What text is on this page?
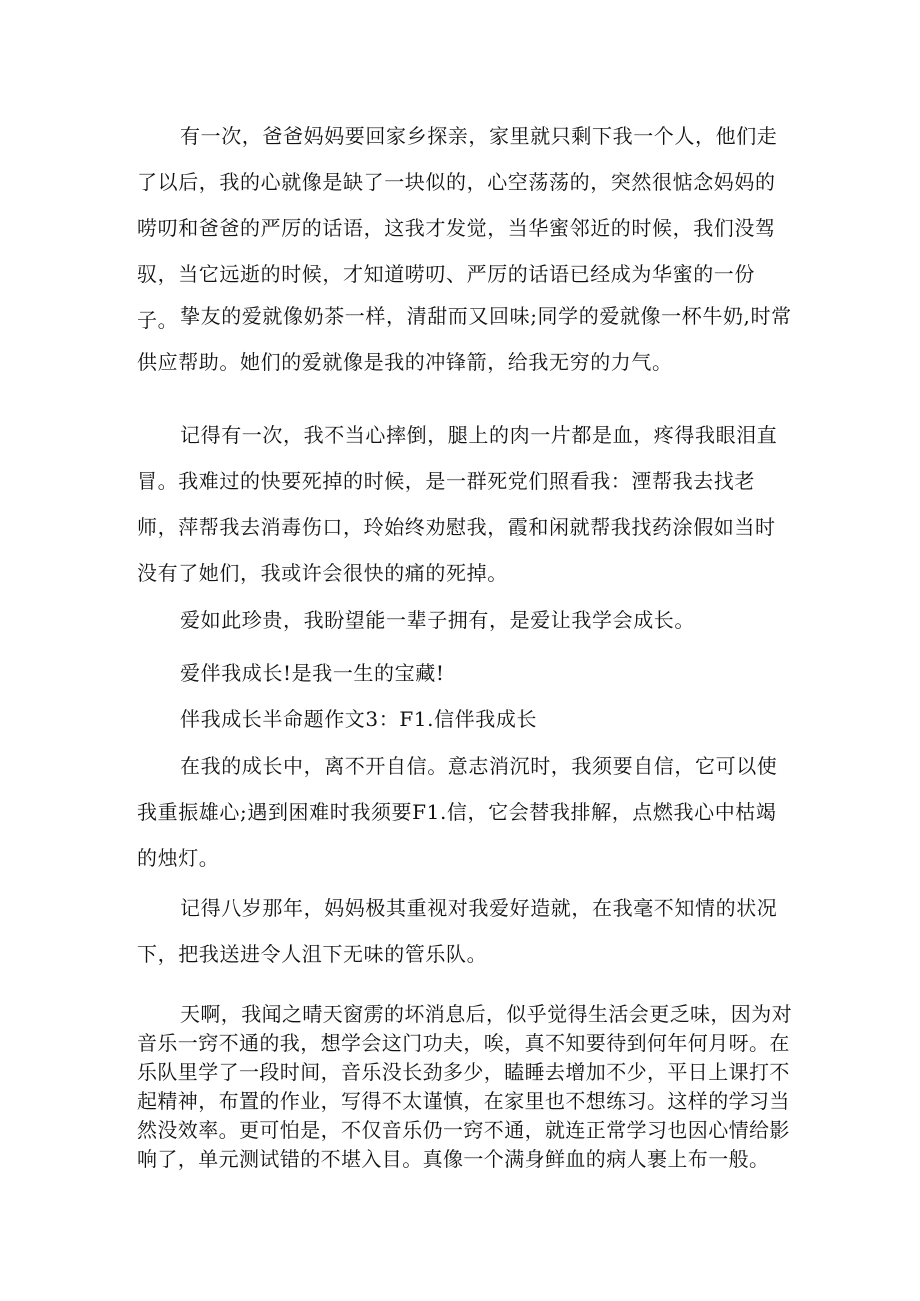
有一次，爸爸妈妈要回家乡探亲，家里就只剩下我一个人，他们走了以后，我的心就像是缺了一块似的，心空荡荡的，突然很惦念妈妈的唠叨和爸爸的严厉的话语，这我才发觉，当华蜜邻近的时候，我们没驾驭，当它远逝的时候，才知道唠叨、严厉的话语已经成为华蜜的一份子。 挚友的爱就像奶茶一样，清甜而又回味;同学的爱就像一杯牛奶,时常供应帮助。她们的爱就像是我的冲锋箭，给我无穷的力气。

记得有一次，我不当心摔倒，腿上的肉一片都是血，疼得我眼泪直冒。我难过的快要死掉的时候，是一群死党们照看我：湮帮我去找老师，萍帮我去消毒伤口，玲始终劝慰我，霞和闲就帮我找药涂假如当时没有了她们，我或许会很快的痛的死掉。

爱如此珍贵，我盼望能一辈子拥有，是爱让我学会成长。

爱伴我成长!是我一生的宝藏!

伴我成长半命题作文3：F1.信伴我成长

在我的成长中，离不开自信。意志消沉时，我须要自信，它可以使我重振雄心;遇到困难时我须要F1.信，它会替我排解，点燃我心中枯竭的烛灯。

记得八岁那年，妈妈极其重视对我爱好造就，在我毫不知情的状况下，把我送进令人沮下无味的管乐队。

天啊，我闻之晴天窗雳的坏消息后，似乎觉得生活会更乏味，因为对音乐一窍不通的我，想学会这门功夫，唉，真不知要待到何年何月呀。在乐队里学了一段时间，音乐没长劲多少，瞌睡去增加不少，平日上课打不起精神，布置的作业，写得不太谨慎，在家里也不想练习。这样的学习当然没效率。更可怕是，不仅音乐仍一窍不通，就连正常学习也因心情给影响了，单元测试错的不堪入目。真像一个满身鲜血的病人裹上布一般。
